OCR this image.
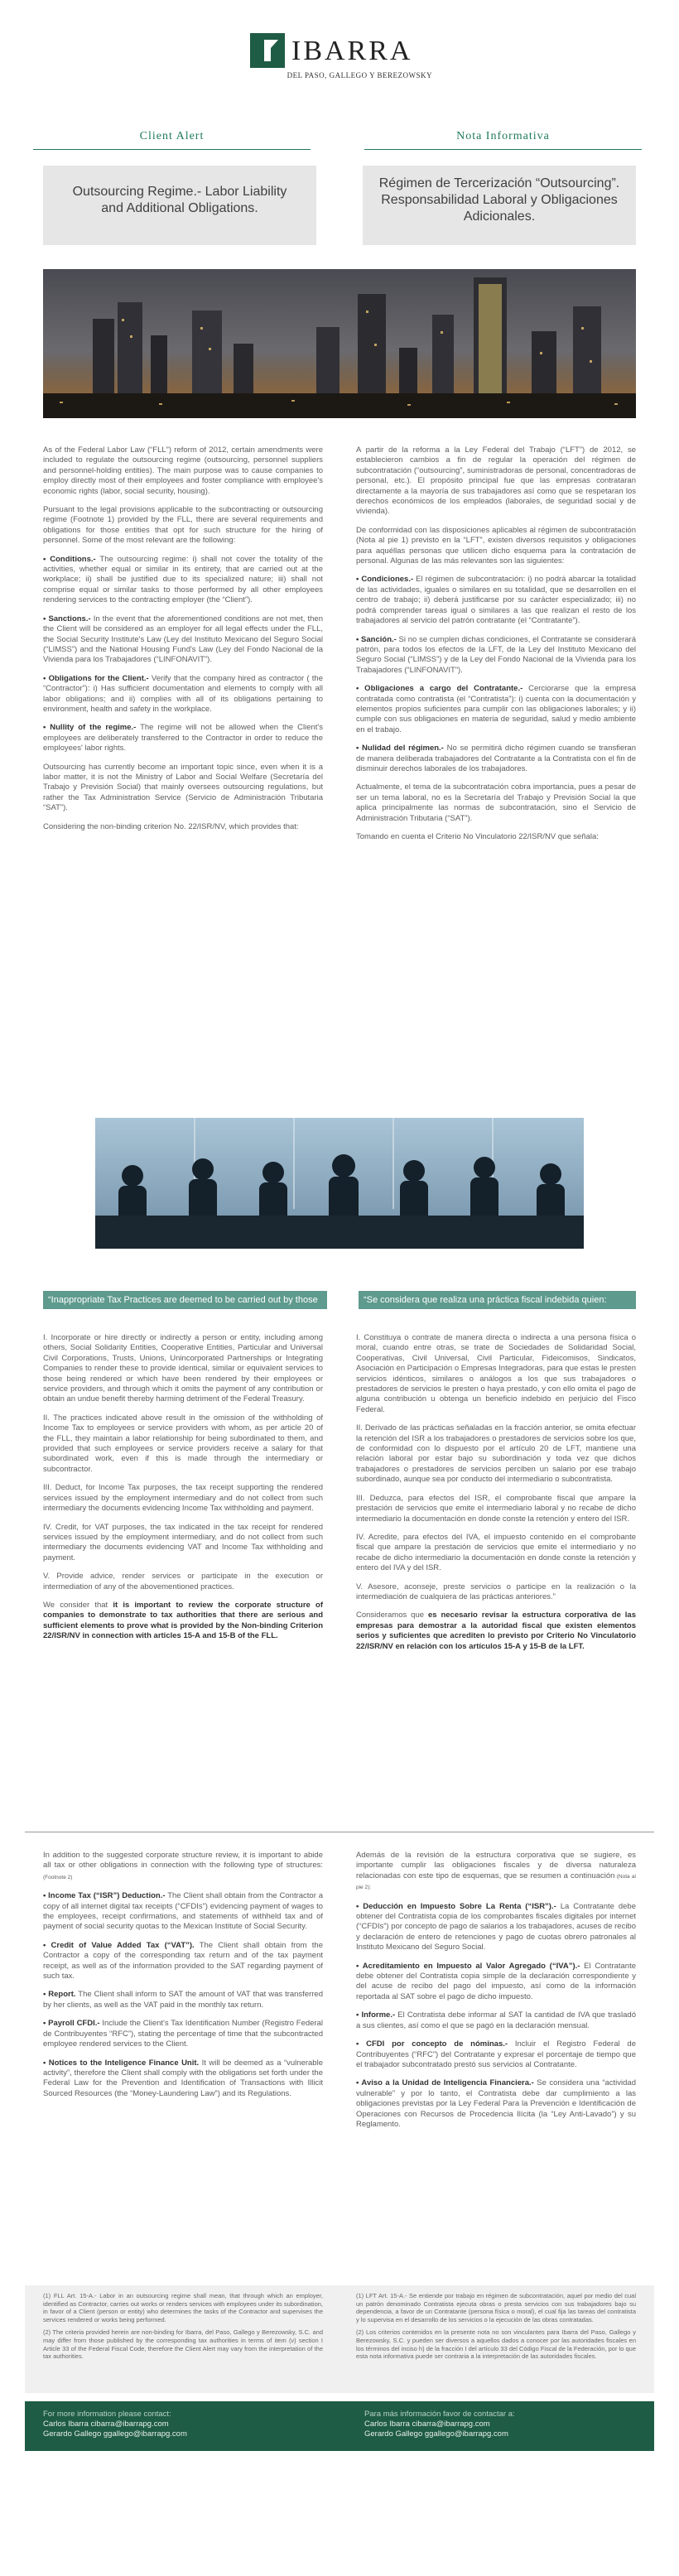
IBARRA
DEL PASO, GALLEGO Y BEREZOWSKY
Client Alert	Nota Informativa
Outsourcing Regime.- Labor Liability
and Additional Obligations.
Régimen de Tercerización “Outsourcing”.
Responsabilidad Laboral y Obligaciones
Adicionales.

As of the Federal Labor Law (“FLL”) reform of 2012, certain amendments were included to regulate the outsourcing regime (outsourcing, personnel suppliers and personnel-holding entities). The main purpose was to cause companies to employ directly most of their employees and foster compliance with employee's economic rights (labor, social security, housing).

Pursuant to the legal provisions applicable to the subcontracting or outsourcing regime (Footnote 1) provided by the FLL, there are several requirements and obligations for those entities that opt for such structure for the hiring of personnel. Some of the most relevant are the following:

• Conditions.- The outsourcing regime: i) shall not cover the totality of the activities, whether equal or similar in its entirety, that are carried out at the workplace; ii) shall be justified due to its specialized nature; iii) shall not comprise equal or similar tasks to those performed by all other employees rendering services to the contracting employer (the “Client”).

• Sanctions.- In the event that the aforementioned conditions are not met, then the Client will be considered as an employer for all legal effects under the FLL, the Social Security Institute's Law (Ley del Instituto Mexicano del Seguro Social (“LIMSS”) and the National Housing Fund's Law (Ley del Fondo Nacional de la Vivienda para los Trabajadores (“LINFONAVIT”).

• Obligations for the Client.- Verify that the company hired as contractor ( the “Contractor”): i) Has sufficient documentation and elements to comply with all labor obligations; and ii) complies with all of its obligations pertaining to environment, health and safety in the workplace.

• Nullity of the regime.- The regime will not be allowed when the Client's employees are deliberately transferred to the Contractor in order to reduce the employees' labor rights.

Outsourcing has currently become an important topic since, even when it is a labor matter, it is not the Ministry of Labor and Social Welfare (Secretaría del Trabajo y Previsión Social) that mainly oversees outsourcing regulations, but rather the Tax Administration Service (Servicio de Administración Tributaria “SAT”).

Considering the non-binding criterion No. 22/ISR/NV, which provides that:

A partir de la reforma a la Ley Federal del Trabajo (“LFT”) de 2012, se establecieron cambios a fin de regular la operación del régimen de subcontratación (“outsourcing”, suministradoras de personal, concentradoras de personal, etc.). El propósito principal fue que las empresas contrataran directamente a la mayoría de sus trabajadores así como que se respetaran los derechos económicos de los empleados (laborales, de seguridad social y de vivienda).

De conformidad con las disposiciones aplicables al régimen de subcontratación (Nota al pie 1) previsto en la “LFT”, existen diversos requisitos y obligaciones para aquéllas personas que utilicen dicho esquema para la contratación de personal. Algunas de las más relevantes son las siguientes:

• Condiciones.- El régimen de subcontratación: i) no podrá abarcar la totalidad de las actividades, iguales o similares en su totalidad, que se desarrollen en el centro de trabajo; ii) deberá justificarse por su carácter especializado; iii) no podrá comprender tareas igual o similares a las que realizan el resto de los trabajadores al servicio del patrón contratante (el “Contratante”).

• Sanción.- Si no se cumplen dichas condiciones, el Contratante se considerará patrón, para todos los efectos de la LFT, de la Ley del Instituto Mexicano del Seguro Social (“LIMSS”) y de la Ley del Fondo Nacional de la Vivienda para los Trabajadores (“LINFONAVIT”).

• Obligaciones a cargo del Contratante.- Cerciorarse que la empresa contratada como contratista (el “Contratista”): i) cuenta con la documentación y elementos propios suficientes para cumplir con las obligaciones laborales; y ii) cumple con sus obligaciones en materia de seguridad, salud y medio ambiente en el trabajo.

• Nulidad del régimen.- No se permitirá dicho régimen cuando se transfieran de manera deliberada trabajadores del Contratante a la Contratista con el fin de disminuir derechos laborales de los trabajadores.

Actualmente, el tema de la subcontratación cobra importancia, pues a pesar de ser un tema laboral, no es la Secretaría del Trabajo y Previsión Social la que aplica principalmente las normas de subcontratación, sino el Servicio de Administración Tributaria (“SAT”).

Tomando en cuenta el Criterio No Vinculatorio 22/ISR/NV que señala:

“Inappropriate Tax Practices are deemed to be carried out by those who:
“Se considera que realiza una práctica fiscal indebida quien:

I. Incorporate or hire directly or indirectly a person or entity, including among others, Social Solidarity Entities, Cooperative Entities, Particular and Universal Civil Corporations, Trusts, Unions, Unincorporated Partnerships or Integrating Companies to render these to provide identical, similar or equivalent services to those being rendered or which have been rendered by their employees or service providers, and through which it omits the payment of any contribution or obtain an undue benefit thereby harming detriment of the Federal Treasury.

II. The practices indicated above result in the omission of the withholding of Income Tax to employees or service providers with whom, as per article 20 of the FLL, they maintain a labor relationship for being subordinated to them, and provided that such employees or service providers receive a salary for that subordinated work, even if this is made through the intermediary or subcontractor.

III. Deduct, for Income Tax purposes, the tax receipt supporting the rendered services issued by the employment intermediary and do not collect from such intermediary the documents evidencing Income Tax withholding and payment.

IV. Credit, for VAT purposes, the tax indicated in the tax receipt for rendered services issued by the employment intermediary, and do not collect from such intermediary the documents evidencing VAT and Income Tax withholding and payment.

V. Provide advice, render services or participate in the execution or intermediation of any of the abovementioned practices.

We consider that it is important to review the corporate structure of companies to demonstrate to tax authorities that there are serious and sufficient elements to prove what is provided by the Non-binding Criterion 22/ISR/NV in connection with articles 15-A and 15-B of the FLL.

I. Constituya o contrate de manera directa o indirecta a una persona física o moral, cuando entre otras, se trate de Sociedades de Solidaridad Social, Cooperativas, Civil Universal, Civil Particular, Fideicomisos, Sindicatos, Asociación en Participación o Empresas Integradoras, para que estas le presten servicios idénticos, similares o análogos a los que sus trabajadores o prestadores de servicios le presten o haya prestado, y con ello omita el pago de alguna contribución u obtenga un beneficio indebido en perjuicio del Fisco Federal.

II. Derivado de las prácticas señaladas en la fracción anterior, se omita efectuar la retención del ISR a los trabajadores o prestadores de servicios sobre los que, de conformidad con lo dispuesto por el artículo 20 de LFT, mantiene una relación laboral por estar bajo su subordinación y toda vez que dichos trabajadores o prestadores de servicios perciben un salario por ese trabajo subordinado, aunque sea por conducto del intermediario o subcontratista.

III. Deduzca, para efectos del ISR, el comprobante fiscal que ampare la prestación de servicios que emite el intermediario laboral y no recabe de dicho intermediario la documentación en donde conste la retención y entero del ISR.

IV. Acredite, para efectos del IVA, el impuesto contenido en el comprobante fiscal que ampare la prestación de servicios que emite el intermediario y no recabe de dicho intermediario la documentación en donde conste la retención y entero del IVA y del ISR.

V. Asesore, aconseje, preste servicios o participe en la realización o la intermediación de cualquiera de las prácticas anteriores.”

Consideramos que es necesario revisar la estructura corporativa de las empresas para demostrar a la autoridad fiscal que existen elementos serios y suficientes que acrediten lo previsto por Criterio No Vinculatorio 22/ISR/NV en relación con los artículos 15-A y 15-B de la LFT.

In addition to the suggested corporate structure review, it is important to abide all tax or other obligations in connection with the following type of structures: (Footnote 2)

• Income Tax (“ISR”) Deduction.- The Client shall obtain from the Contractor a copy of all internet digital tax receipts (“CFDIs”) evidencing payment of wages to the employees, receipt confirmations, and statements of withheld tax and of payment of social security quotas to the Mexican Institute of Social Security.

• Credit of Value Added Tax (“VAT”). The Client shall obtain from the Contractor a copy of the corresponding tax return and of the tax payment receipt, as well as of the information provided to the SAT regarding payment of such tax.

• Report. The Client shall inform to SAT the amount of VAT that was transferred by her clients, as well as the VAT paid in the monthly tax return.

• Payroll CFDI.- Include the Client's Tax Identification Number (Registro Federal de Contribuyentes “RFC”), stating the percentage of time that the subcontracted employee rendered services to the Client.

• Notices to the Inteligence Finance Unit. It will be deemed as a “vulnerable activity”, therefore the Client shall comply with the obligations set forth under the Federal Law for the Prevention and Identification of Transactions with Illicit Sourced Resources (the “Money-Laundering Law”) and its Regulations.

Además de la revisión de la estructura corporativa que se sugiere, es importante cumplir las obligaciones fiscales y de diversa naturaleza relacionadas con este tipo de esquemas, que se resumen a continuación (Nota al pie 2):

• Deducción en Impuesto Sobre La Renta (“ISR”).- La Contratante debe obtener del Contratista copia de los comprobantes fiscales digitales por internet (“CFDIs”) por concepto de pago de salarios a los trabajadores, acuses de recibo y declaración de entero de retenciones y pago de cuotas obrero patronales al Instituto Mexicano del Seguro Social.

• Acreditamiento en Impuesto al Valor Agregado (“IVA”).- El Contratante debe obtener del Contratista copia simple de la declaración correspondiente y del acuse de recibo del pago del impuesto, así como de la información reportada al SAT sobre el pago de dicho impuesto.

• Informe.- El Contratista debe informar al SAT la cantidad de IVA que trasladó a sus clientes, así como el que se pagó en la declaración mensual.

• CFDI por concepto de nóminas.- Incluir el Registro Federal de Contribuyentes (“RFC”) del Contratante y expresar el porcentaje de tiempo que el trabajador subcontratado prestó sus servicios al Contratante.

• Aviso a la Unidad de Inteligencia Financiera.- Se considera una “actividad vulnerable” y por lo tanto, el Contratista debe dar cumplimiento a las obligaciones previstas por la Ley Federal Para la Prevención e Identificación de Operaciones con Recursos de Procedencia Ilícita (la “Ley Anti-Lavado”) y su Reglamento.

(1) FLL Art. 15-A.- Labor in an outsourcing regime shall mean, that through which an employer, identified as Contractor, carries out works or renders services with employees under its subordination, in favor of a Client (person or entity) who determines the tasks of the Contractor and supervises the services rendered or works being performed.

(2) The criteria provided herein are non-binding for Ibarra, del Paso, Gallego y Berezowsky, S.C. and may differ from those published by the corresponding tax authorities in terms of item (v) section I Article 33 of the Federal Fiscal Code, therefore the Client Alert may vary from the interpretation of the tax authorities.

(1) LFT Art. 15-A.- Se entiende por trabajo en régimen de subcontratación, aquel por medio del cual un patrón denominado Contratista ejecuta obras o presta servicios con sus trabajadores bajo su dependencia, a favor de un Contratante (persona física o moral), el cual fija las tareas del contratista y lo supervisa en el desarrollo de los servicios o la ejecución de las obras contratadas.

(2) Los criterios contenidos en la presente nota no son vinculantes para Ibarra del Paso, Gallego y Berezowsky, S.C. y pueden ser diversos a aquellos dados a conocer por las autoridades fiscales en los términos del inciso h) de la fracción I del artículo 33 del Código Fiscal de la Federación, por lo que esta nota informativa puede ser contraria a la interpretación de las autoridades fiscales.

For more information please contact:
Carlos Ibarra cibarra@ibarrapg.com
Gerardo Gallego ggallego@ibarrapg.com
Para más información favor de contactar a:
Carlos Ibarra cibarra@ibarrapg.com
Gerardo Gallego ggallego@ibarrapg.com
